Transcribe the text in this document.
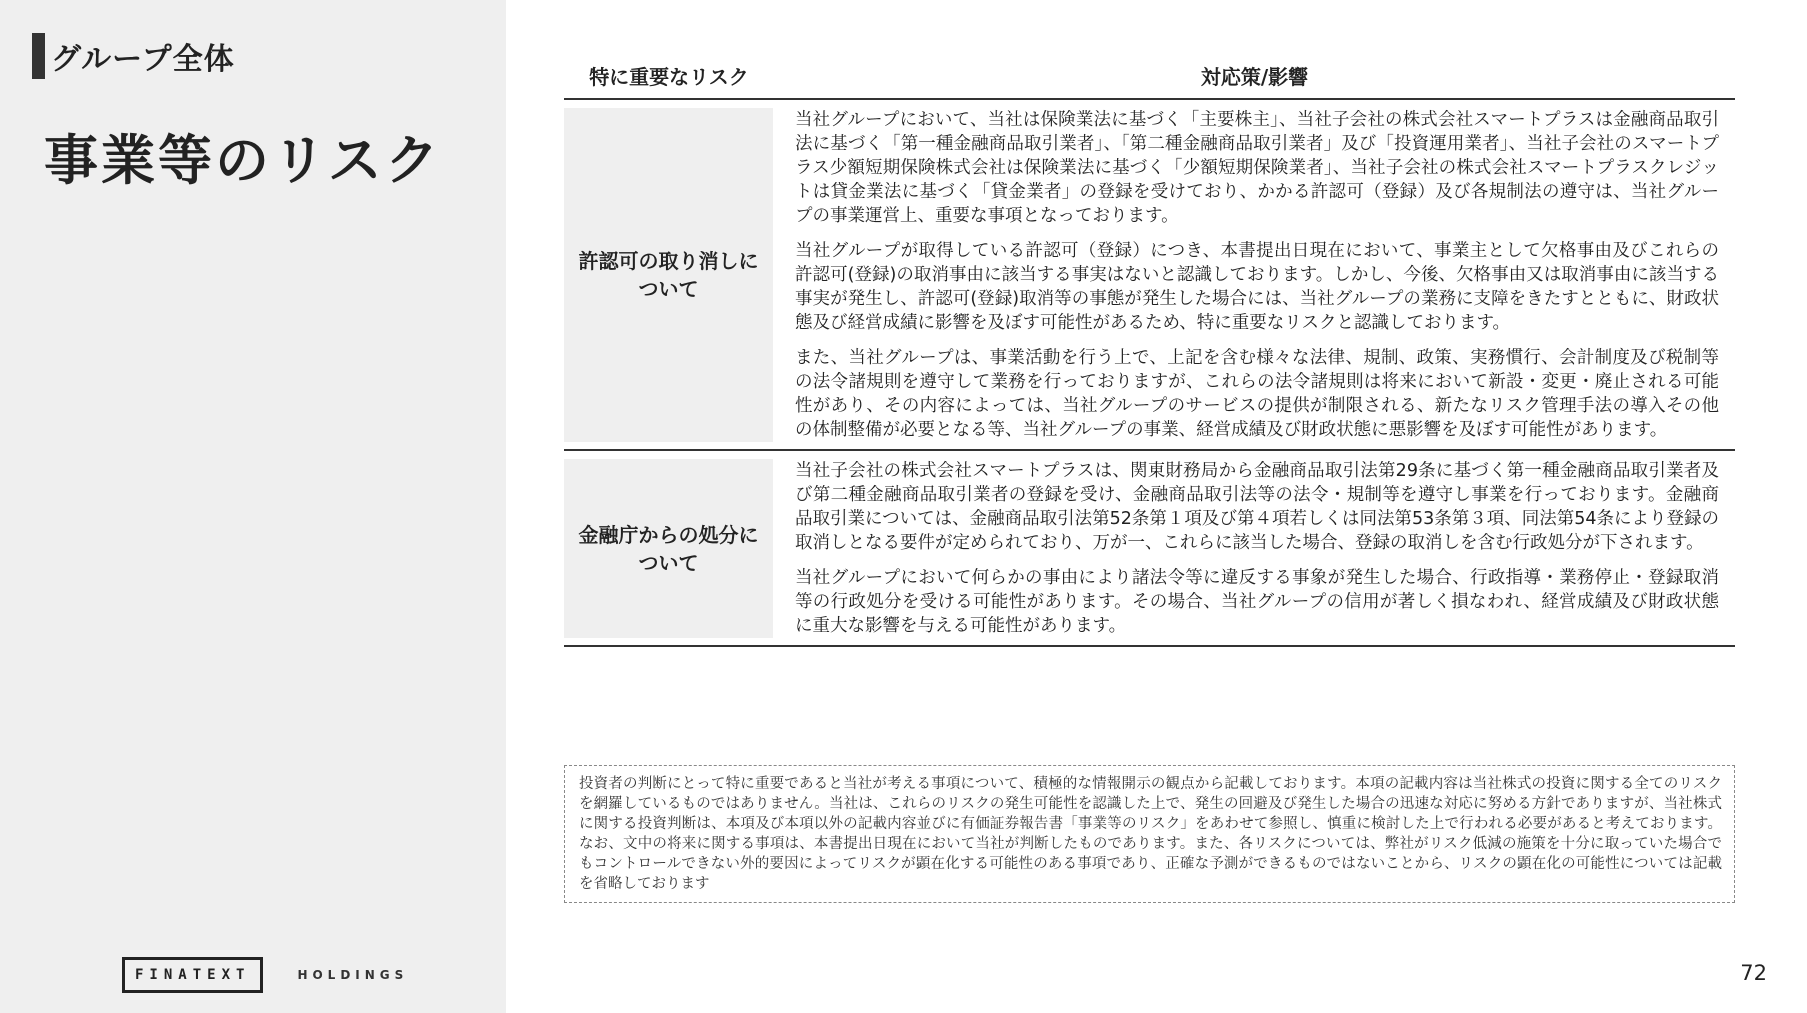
グループ全体
事業等のリスク
FINATEXT	HOLDINGS
特に重要なリスク	対応策/影響
許認可の取り消しについて

当社グループにおいて、当社は保険業法に基づく「主要株主」、当社子会社の株式会社スマートプラスは金融商品取引法に基づく「第一種金融商品取引業者」、「第二種金融商品取引業者」及び「投資運用業者」、当社子会社のスマートプラス少額短期保険株式会社は保険業法に基づく「少額短期保険業者」、当社子会社の株式会社スマートプラスクレジットは貸金業法に基づく「貸金業者」の登録を受けており、かかる許認可（登録）及び各規制法の遵守は、当社グループの事業運営上、重要な事項となっております。

当社グループが取得している許認可（登録）につき、本書提出日現在において、事業主として欠格事由及びこれらの許認可(登録)の取消事由に該当する事実はないと認識しております。しかし、今後、欠格事由又は取消事由に該当する事実が発生し、許認可(登録)取消等の事態が発生した場合には、当社グループの業務に支障をきたすとともに、財政状態及び経営成績に影響を及ぼす可能性があるため、特に重要なリスクと認識しております。

また、当社グループは、事業活動を行う上で、上記を含む様々な法律、規制、政策、実務慣行、会計制度及び税制等の法令諸規則を遵守して業務を行っておりますが、これらの法令諸規則は将来において新設・変更・廃止される可能性があり、その内容によっては、当社グループのサービスの提供が制限される、新たなリスク管理手法の導入その他の体制整備が必要となる等、当社グループの事業、経営成績及び財政状態に悪影響を及ぼす可能性があります。

金融庁からの処分について

当社子会社の株式会社スマートプラスは、関東財務局から金融商品取引法第29条に基づく第一種金融商品取引業者及び第二種金融商品取引業者の登録を受け、金融商品取引法等の法令・規制等を遵守し事業を行っております。金融商品取引業については、金融商品取引法第52条第１項及び第４項若しくは同法第53条第３項、同法第54条により登録の取消しとなる要件が定められており、万が一、これらに該当した場合、登録の取消しを含む行政処分が下されます。

当社グループにおいて何らかの事由により諸法令等に違反する事象が発生した場合、行政指導・業務停止・登録取消等の行政処分を受ける可能性があります。その場合、当社グループの信用が著しく損なわれ、経営成績及び財政状態に重大な影響を与える可能性があります。

投資者の判断にとって特に重要であると当社が考える事項について、積極的な情報開示の観点から記載しております。本項の記載内容は当社株式の投資に関する全てのリスクを網羅しているものではありません。当社は、これらのリスクの発生可能性を認識した上で、発生の回避及び発生した場合の迅速な対応に努める方針でありますが、当社株式に関する投資判断は、本項及び本項以外の記載内容並びに有価証券報告書「事業等のリスク」をあわせて参照し、慎重に検討した上で行われる必要があると考えております。なお、文中の将来に関する事項は、本書提出日現在において当社が判断したものであります。また、各リスクについては、弊社がリスク低減の施策を十分に取っていた場合でもコントロールできない外的要因によってリスクが顕在化する可能性のある事項であり、正確な予測ができるものではないことから、リスクの顕在化の可能性については記載を省略しております
72
